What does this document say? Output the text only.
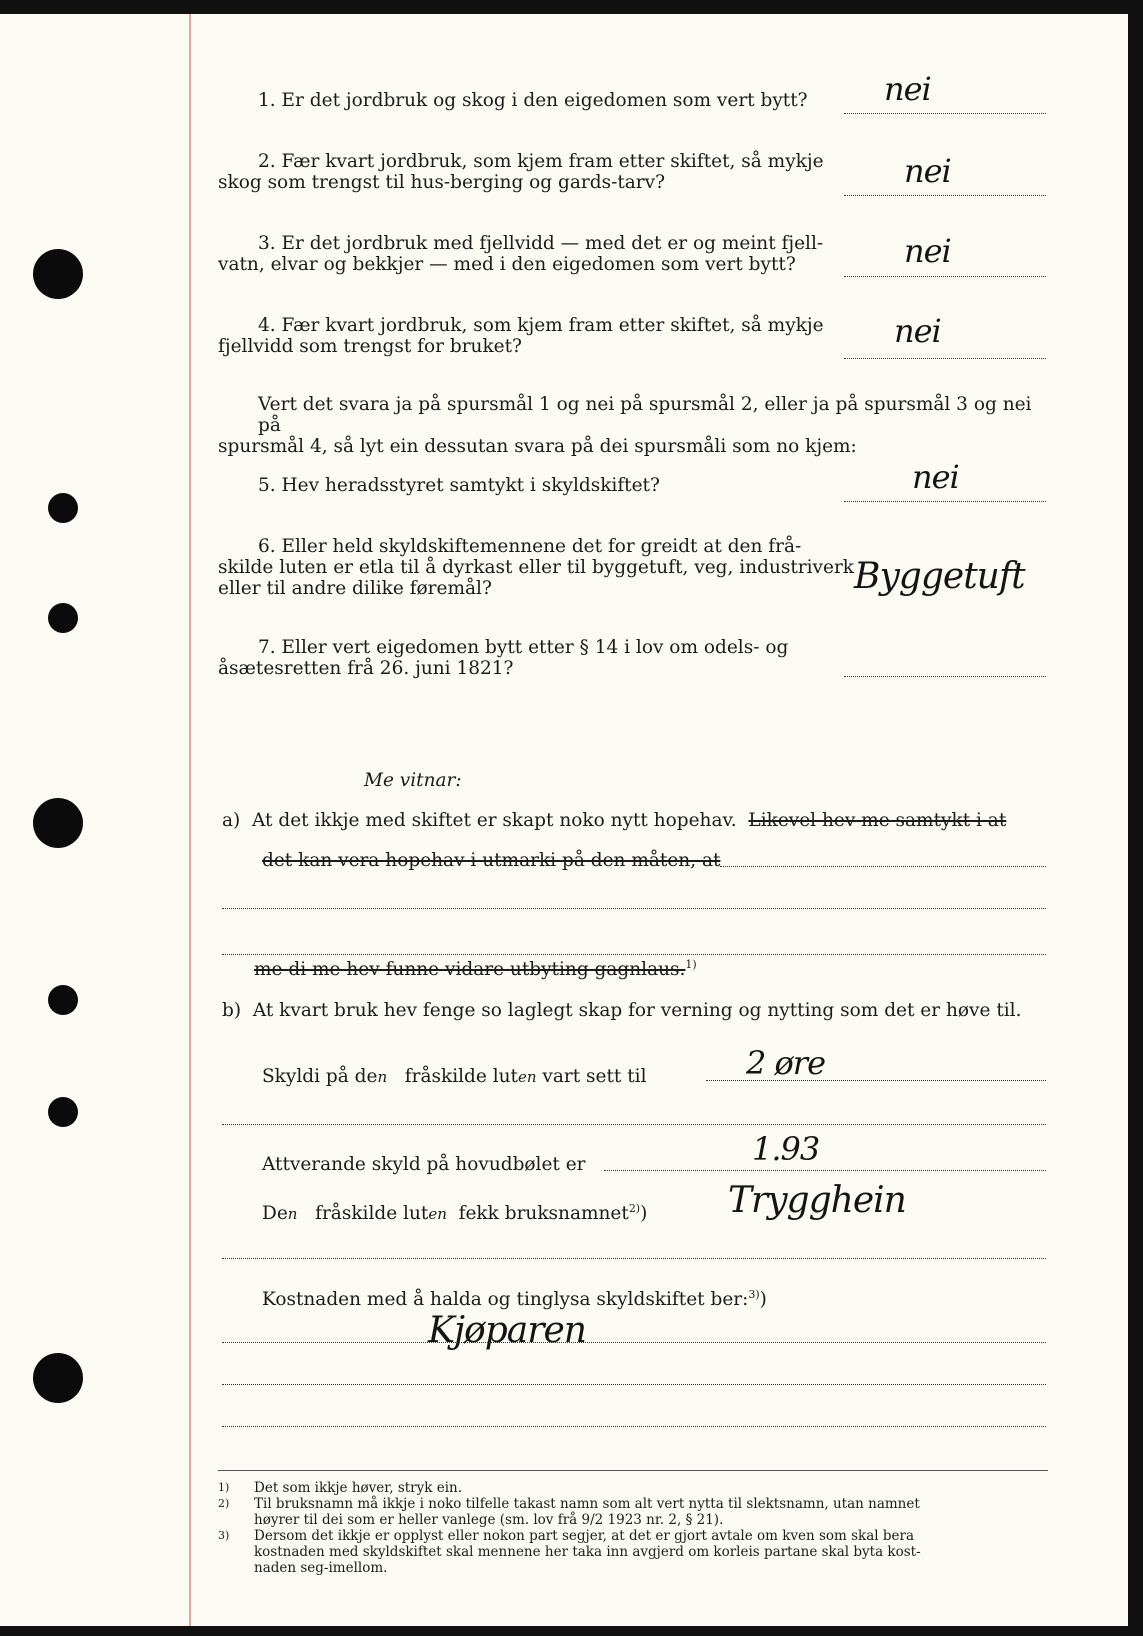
1. Er det jordbruk og skog i den eigedomen som vert bytt?	nei

2. Fær kvart jordbruk, som kjem fram etter skiftet, så mykje

skog som trengst til hus-berging og gards-tarv?	nei

3. Er det jordbruk med fjellvidd — med det er og meint fjell-

vatn, elvar og bekkjer — med i den eigedomen som vert bytt?	nei

4. Fær kvart jordbruk, som kjem fram etter skiftet, så mykje

fjellvidd som trengst for bruket?	nei

Vert det svara ja på spursmål 1 og nei på spursmål 2, eller ja på spursmål 3 og nei på

spursmål 4, så lyt ein dessutan svara på dei spursmåli som no kjem:

5. Hev heradsstyret samtykt i skyldskiftet?	nei

6. Eller held skyldskiftemennene det for greidt at den frå-

skilde luten er etla til å dyrkast eller til byggetuft, veg, industriverk

eller til andre dilike føremål?	Byggetuft

7. Eller vert eigedomen bytt etter § 14 i lov om odels- og

åsætesretten frå 26. juni 1821?

Me vitnar:
a) At det ikkje med skiftet er skapt noko nytt hopehav. Likevel hev me samtykt i at
det kan vera hopehav i utmarki på den måten, at
me di me hev funne vidare utbyting gagnlaus.$^{1)}$
b) At kvart bruk hev fenge so laglegt skap for verning og nytting som det er høve til.
Skyldi på den fråskilde luten vart sett til	2 øre
Attverande skyld på hovudbølet er	1.93
Den fråskilde luten fekk bruksnamnet$^{2)}$) Trygghein
Kostnaden med å halda og tinglysa skyldskiftet ber:$^{3)}$)
Kjøparen
1)	Det som ikkje høver, stryk ein.
2)	Til bruksnamn må ikkje i noko tilfelle takast namn som alt vert nytta til slektsnamn, utan namnet
høyrer til dei som er heller vanlege (sm. lov frå 9/2 1923 nr. 2, § 21).
3)	Dersom det ikkje er opplyst eller nokon part segjer, at det er gjort avtale om kven som skal bera
kostnaden med skyldskiftet skal mennene her taka inn avgjerd om korleis partane skal byta kost-
naden seg-imellom.
